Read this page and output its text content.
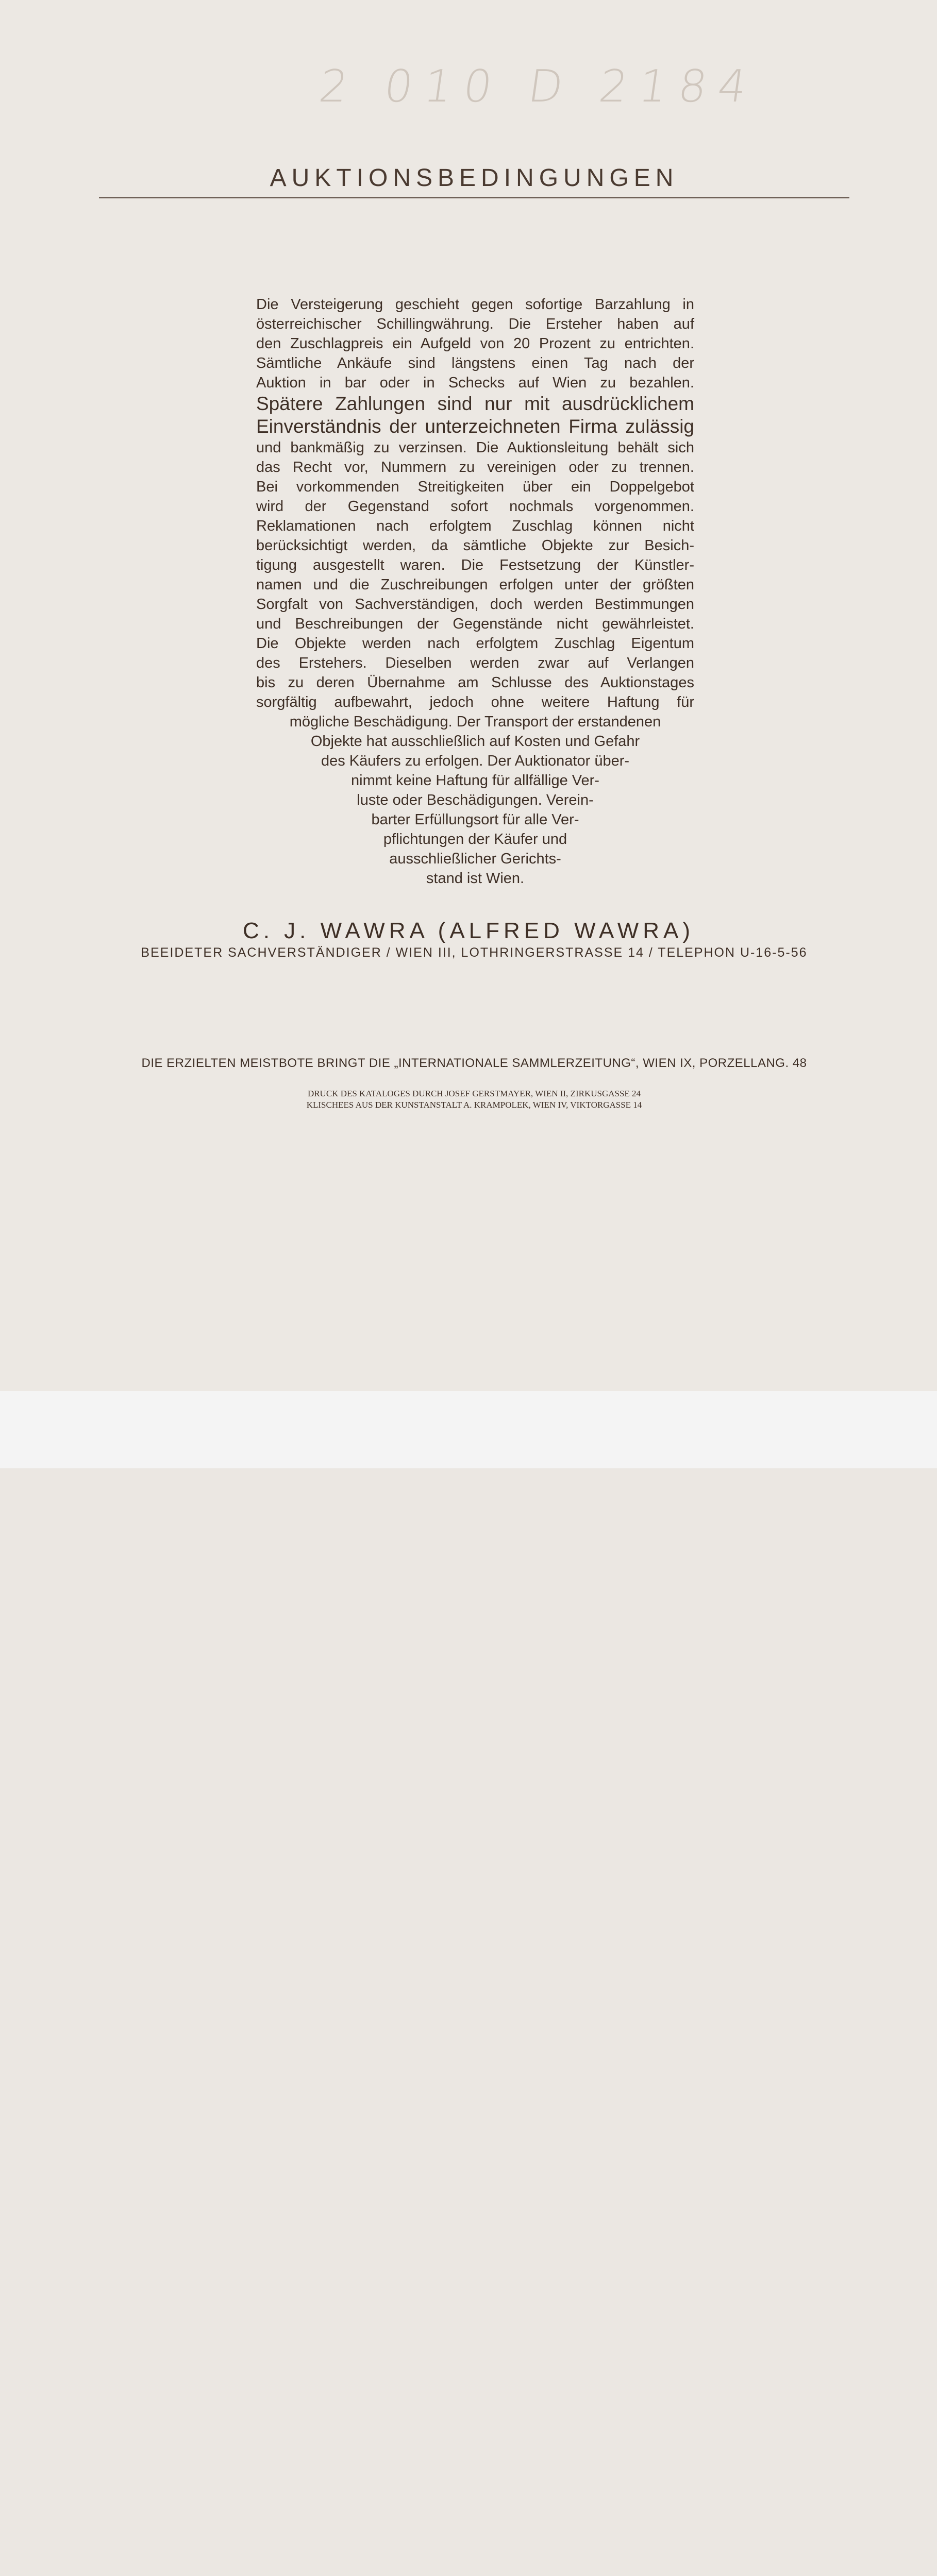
2 010 D 2184
AUKTIONSBEDINGUNGEN
Die Versteigerung geschieht gegen sofortige Barzahlung in
österreichischer Schillingwährung. Die Ersteher haben auf
den Zuschlagpreis ein Aufgeld von 20 Prozent zu entrichten.
Sämtliche Ankäufe sind längstens einen Tag nach der
Auktion in bar oder in Schecks auf Wien zu bezahlen.
Spätere Zahlungen sind nur mit ausdrücklichem
Einverständnis der unterzeichneten Firma zulässig
und bankmäßig zu verzinsen. Die Auktionsleitung behält sich
das Recht vor, Nummern zu vereinigen oder zu trennen.
Bei vorkommenden Streitigkeiten über ein Doppelgebot
wird der Gegenstand sofort nochmals vorgenommen.
Reklamationen nach erfolgtem Zuschlag können nicht
berücksichtigt werden, da sämtliche Objekte zur Besich-
tigung ausgestellt waren. Die Festsetzung der Künstler-
namen und die Zuschreibungen erfolgen unter der größten
Sorgfalt von Sachverständigen, doch werden Bestimmungen
und Beschreibungen der Gegenstände nicht gewährleistet.
Die Objekte werden nach erfolgtem Zuschlag Eigentum
des Erstehers. Dieselben werden zwar auf Verlangen
bis zu deren Übernahme am Schlusse des Auktionstages
sorgfältig aufbewahrt, jedoch ohne weitere Haftung für
mögliche Beschädigung. Der Transport der erstandenen
Objekte hat ausschließlich auf Kosten und Gefahr
des Käufers zu erfolgen. Der Auktionator über-
nimmt keine Haftung für allfällige Ver-
luste oder Beschädigungen. Verein-
barter Erfüllungsort für alle Ver-
pflichtungen der Käufer und
ausschließlicher Gerichts-
stand ist Wien.
C. J. WAWRA (ALFRED WAWRA)
BEEIDETER SACHVERSTÄNDIGER / WIEN III, LOTHRINGERSTRASSE 14 / TELEPHON U-16-5-56
DIE ERZIELTEN MEISTBOTE BRINGT DIE „INTERNATIONALE SAMMLERZEITUNG“, WIEN IX, PORZELLANG. 48
DRUCK DES KATALOGES DURCH JOSEF GERSTMAYER, WIEN II, ZIRKUSGASSE 24
KLISCHEES AUS DER KUNSTANSTALT A. KRAMPOLEK, WIEN IV, VIKTORGASSE 14
